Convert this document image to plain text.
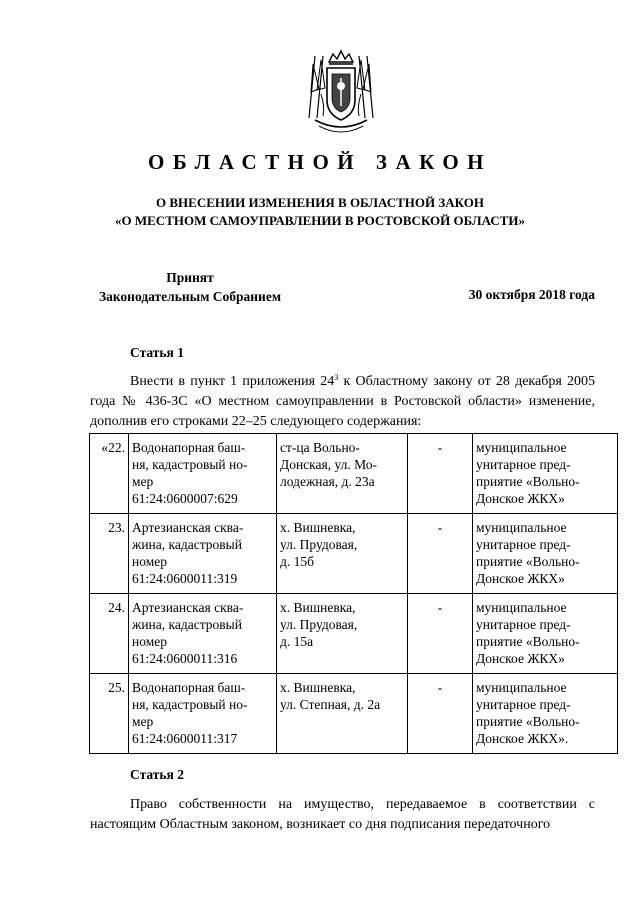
ОБЛАСТНОЙ ЗАКОН
О ВНЕСЕНИИ ИЗМЕНЕНИЯ В ОБЛАСТНОЙ ЗАКОН
«О МЕСТНОМ САМОУПРАВЛЕНИИ В РОСТОВСКОЙ ОБЛАСТИ»
Принят
Законодательным Собранием	30 октября 2018 года
Статья 1
Внести в пункт 1 приложения $24^3$ к Областному закону от 28 декабря 2005 года № 436-ЗС «О местном самоуправлении в Ростовской области» изменение, дополнив его строками 22–25 следующего содержания:
«22.	Водонапорная баш-
ня, кадастровый но-
мер
61:24:0600007:629	ст-ца Вольно-
Донская, ул. Мо-
лодежная, д. 23а	-	муниципальное
унитарное пред-
приятие «Вольно-
Донское ЖКХ»

23.	Артезианская сква-
жина, кадастровый
номер
61:24:0600011:319	х. Вишневка,
ул. Прудовая,
д. 15б	-	муниципальное
унитарное пред-
приятие «Вольно-
Донское ЖКХ»

24.	Артезианская сква-
жина, кадастровый
номер
61:24:0600011:316	х. Вишневка,
ул. Прудовая,
д. 15а	-	муниципальное
унитарное пред-
приятие «Вольно-
Донское ЖКХ»

25.	Водонапорная баш-
ня, кадастровый но-
мер
61:24:0600011:317	х. Вишневка,
ул. Степная, д. 2а	-	муниципальное
унитарное пред-
приятие «Вольно-
Донское ЖКХ».
Статья 2
Право собственности на имущество, передаваемое в соответствии с настоящим Областным законом, возникает со дня подписания передаточного
